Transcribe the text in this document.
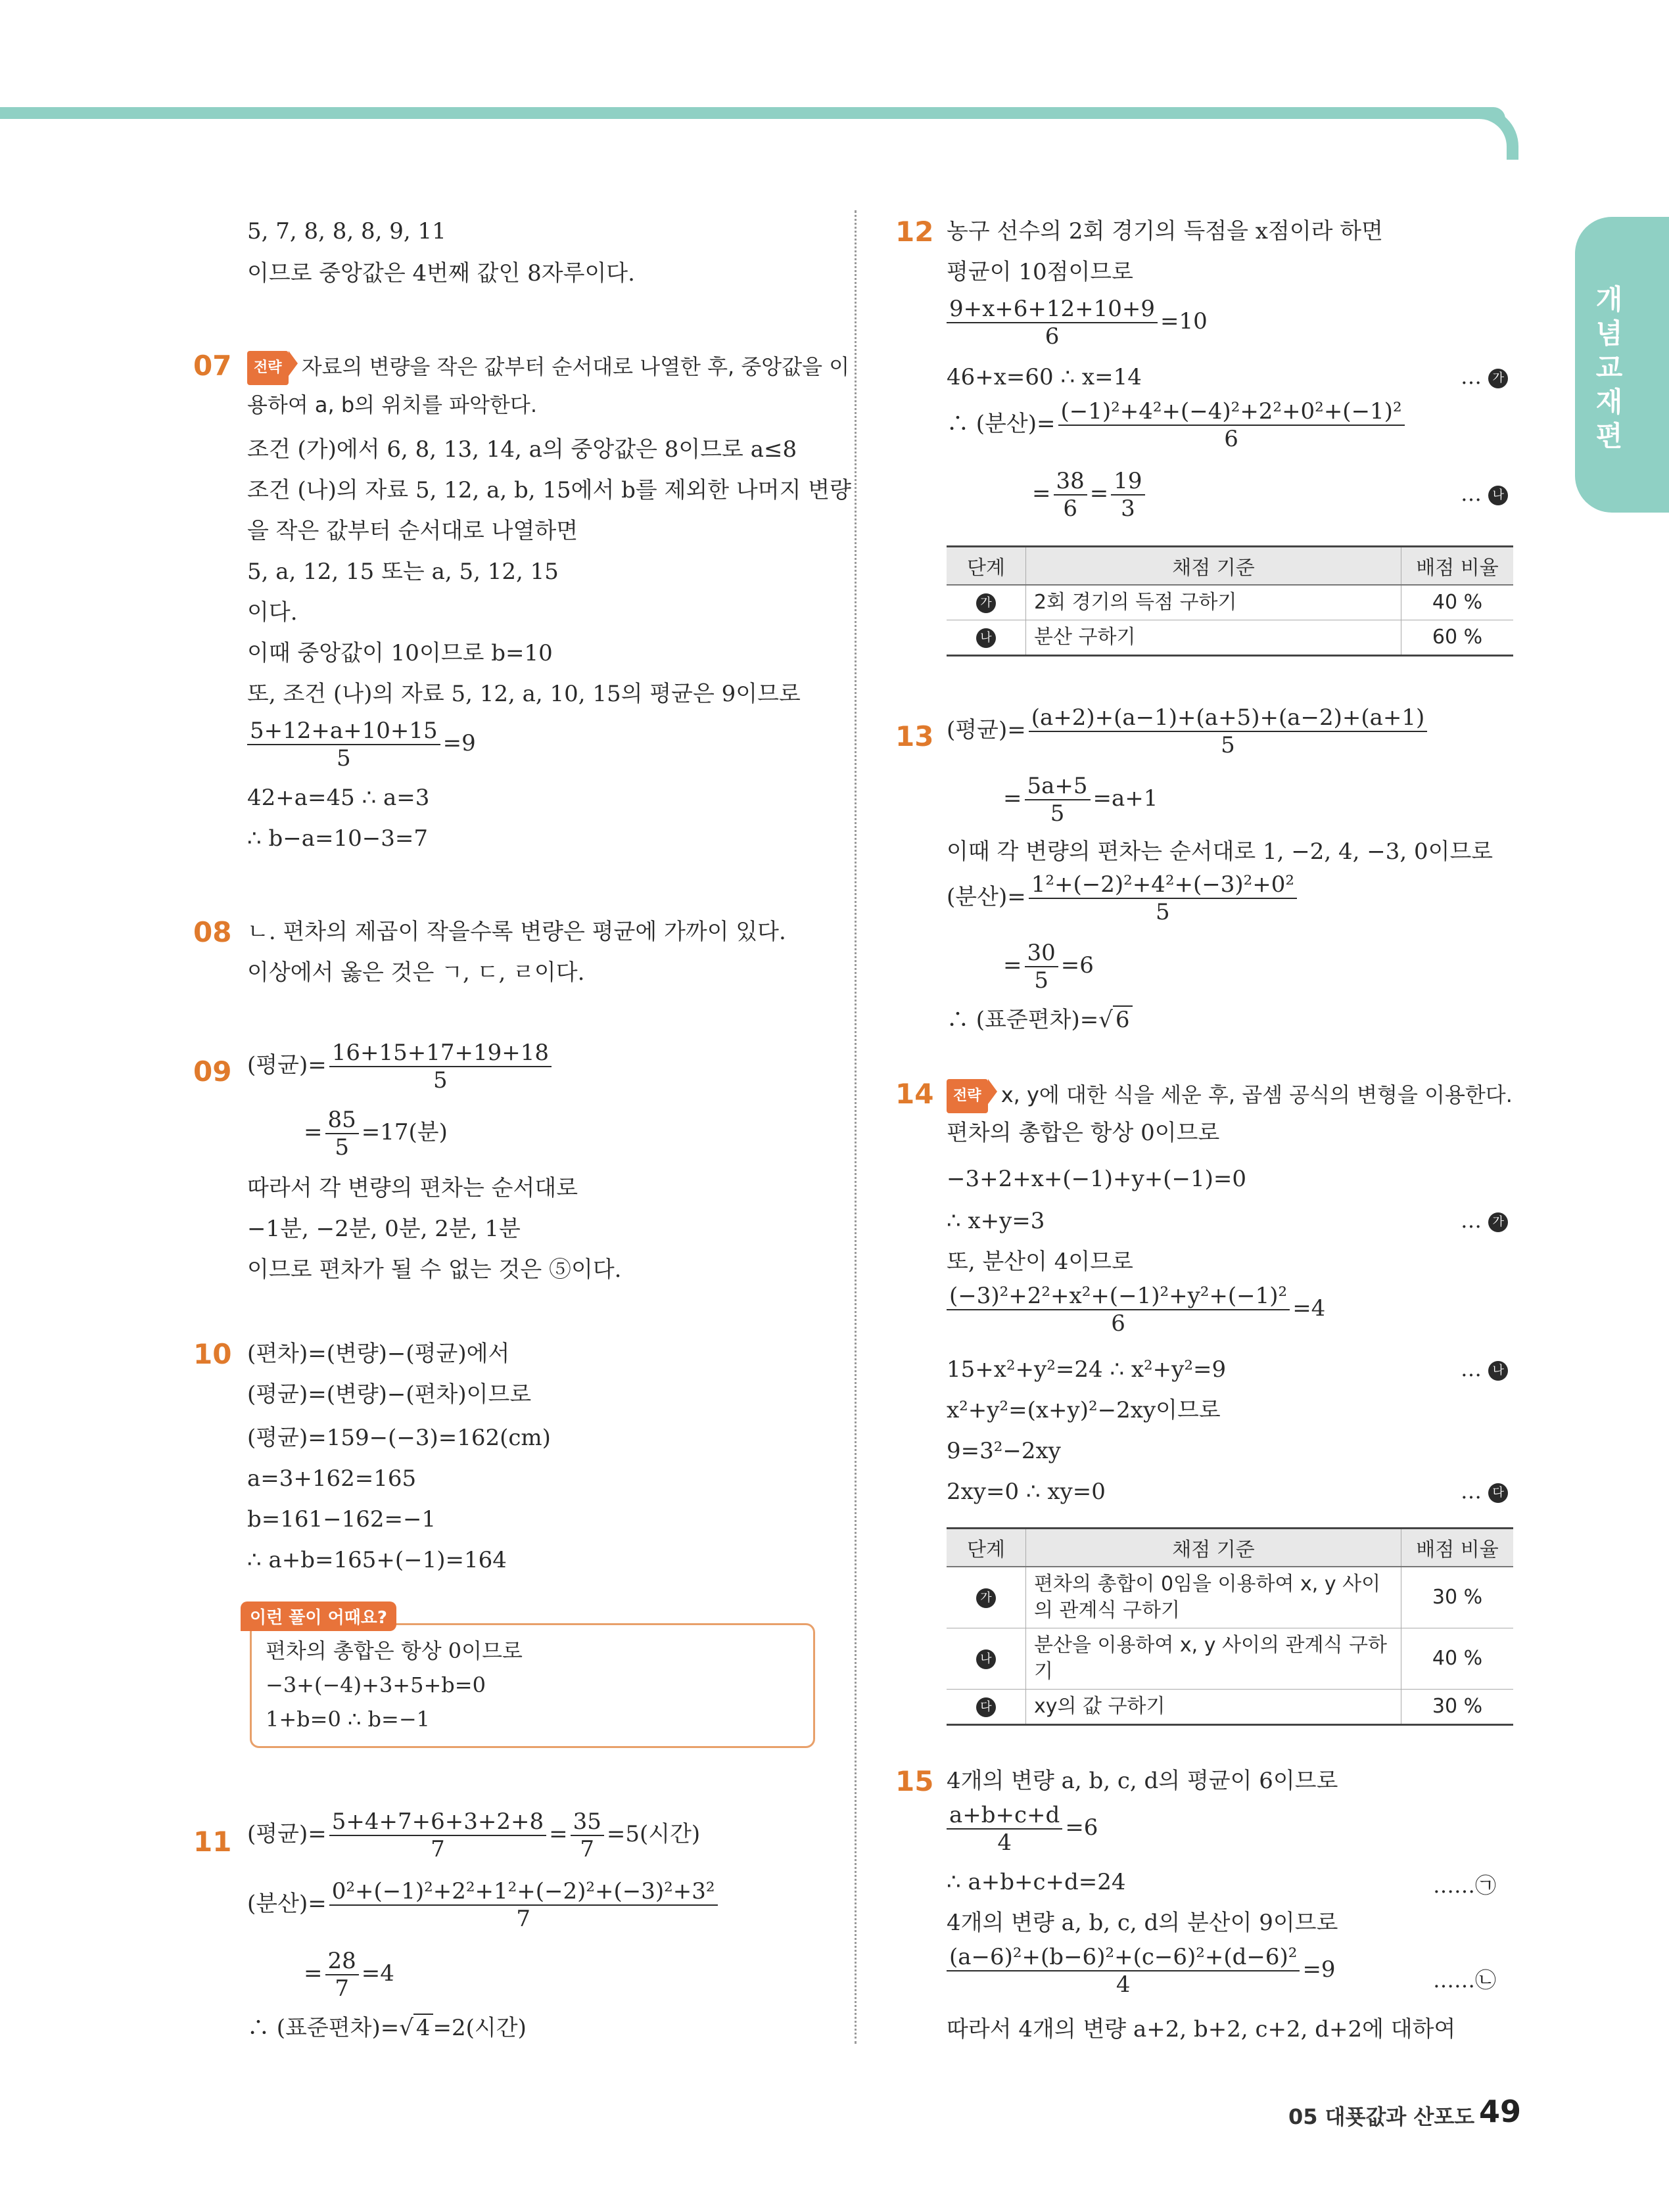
개념교재편
5, 7, 8, 8, 8, 9, 11
이므로 중앙값은 4번째 값인 8자루이다.
07	전략 자료의 변량을 작은 값부터 순서대로 나열한 후, 중앙값을 이
용하여 a, b의 위치를 파악한다.
조건 (가)에서 6, 8, 13, 14, a의 중앙값은 8이므로 a≤8
조건 (나)의 자료 5, 12, a, b, 15에서 b를 제외한 나머지 변량
을 작은 값부터 순서대로 나열하면
5, a, 12, 15 또는 a, 5, 12, 15
이다.
이때 중앙값이 10이므로 b=10
또, 조건 (나)의 자료 5, 12, a, 10, 15의 평균은 9이므로
$\frac{5+12+a+10+15}{5} =9$
42+a=45 ∴ a=3
∴ b−a=10−3=7
08 ㄴ. 편차의 제곱이 작을수록 변량은 평균에 가까이 있다.
이상에서 옳은 것은 ㄱ, ㄷ, ㄹ이다.
09 (평균)= $\frac{16+15+17+19+18}{5}$
= $\frac{85}{5} =17$(분)
따라서 각 변량의 편차는 순서대로
−1분, −2분, 0분, 2분, 1분
이므로 편차가 될 수 없는 것은 ⑤이다.
10 (편차)=(변량)−(평균)에서
(평균)=(변량)−(편차)이므로
(평균)=159−(−3)=162(cm)
a=3+162=165
b=161−162=−1
∴ a+b=165+(−1)=164
이런 풀이 어때요?
편차의 총합은 항상 0이므로
−3+(−4)+3+5+b=0
1+b=0 ∴ b=−1
11 (평균)= $\frac{5+4+7+6+3+2+8}{7} = \frac{35}{7} =5$(시간)
(분산)= $\frac{\text{0²+(−1)²+2²+1²+(−2)²+(−3)²+3²}}{7}$
= $\frac{28}{7} =4$
∴ (표준편차)=√ 4 =2(시간)
12 농구 선수의 2회 경기의 득점을 x점이라 하면
평균이 10점이므로
$\frac{9+x+6+12+10+9}{6} =10$
46+x=60 ∴ x=14	… 가
∴ (분산)= $\frac{\text{(−1)²+4²+(−4)²+2²+0²+(−1)²}}{6}$
= $\frac{38}{6} = \frac{19}{3}$	… 나
단계	채점 기준	배점 비율
가	2회 경기의 득점 구하기	40 %
나	분산 구하기	60 %
13 (평균)= $\frac{(a+2)+(a-1)+(a+5)+(a-2)+(a+1)}{5}$
= $\frac{5a+5}{5} =a+1$
이때 각 변량의 편차는 순서대로 1, −2, 4, −3, 0이므로
(분산)= $\frac{\text{1²+(−2)²+4²+(−3)²+0²}}{5}$
= $\frac{30}{5} =6$
∴ (표준편차)=√ 6
14	전략 x, y에 대한 식을 세운 후, 곱셈 공식의 변형을 이용한다.
편차의 총합은 항상 0이므로
−3+2+x+(−1)+y+(−1)=0
∴ x+y=3	… 가
또, 분산이 4이므로
$\frac{\text{(−3)²+2²+x²+(−1)²+y²+(−1)²}}{6} =4$
15+x²+y²=24 ∴ x²+y²=9	… 나
x²+y²=(x+y)²−2xy이므로
9=3²−2xy
2xy=0 ∴ xy=0	… 다
단계	채점 기준	배점 비율
가	편차의 총합이 0임을 이용하여 x, y 사이의 관계식 구하기	30 %
나	분산을 이용하여 x, y 사이의 관계식 구하기	40 %
다	xy의 값 구하기	30 %
15 4개의 변량 a, b, c, d의 평균이 6이므로
$\frac{a+b+c+d}{4} =6$
∴ a+b+c+d=24	……㉠
4개의 변량 a, b, c, d의 분산이 9이므로
$\frac{\text{(a−6)²+(b−6)²+(c−6)²+(d−6)²}}{4} =9$	……㉡
따라서 4개의 변량 a+2, b+2, c+2, d+2에 대하여
05 대푯값과 산포도 49
